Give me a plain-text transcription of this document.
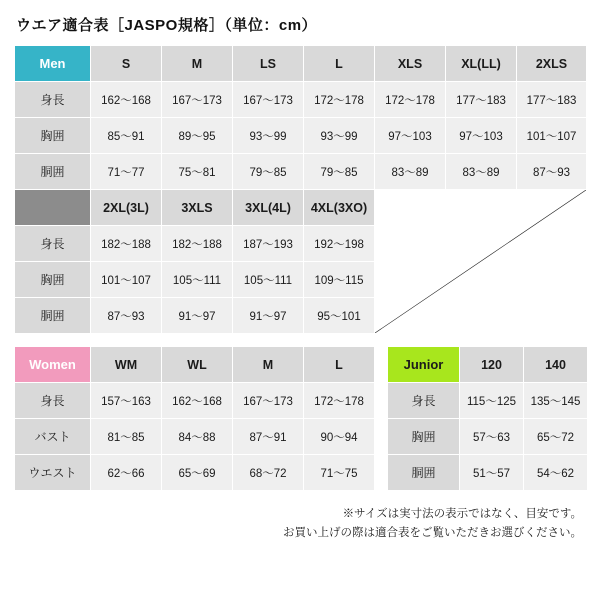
ウエア適合表［JASPO規格］（単位：cm）
Men	S	M	LS	L	XLS	XL(LL)	2XLS
身長	162～168	167～173	167～173	172～178	172～178	177～183	177～183
胸囲	85～91	89～95	93～99	93～99	97～103	97～103	101～107
胴囲	71～77	75～81	79～85	79～85	83～89	83～89	87～93
	2XL(3L)	3XLS	3XL(4L)	4XL(3XO)	

身長	182～188	182～188	187～193	192～198			
胸囲	101～107	105～111	105～111	109～115			
胴囲	87～93	91～97	91～97	95～101			
Women	WM	WL	M	L
身長	157～163	162～168	167～173	172～178
バスト	81～85	84～88	87～91	90～94
ウエスト	62～66	65～69	68～72	71～75
Junior	120	140
身長	115～125	135～145
胸囲	57～63	65～72
胴囲	51～57	54～62
※サイズは実寸法の表示ではなく、目安です。
お買い上げの際は適合表をご覧いただきお選びください。
